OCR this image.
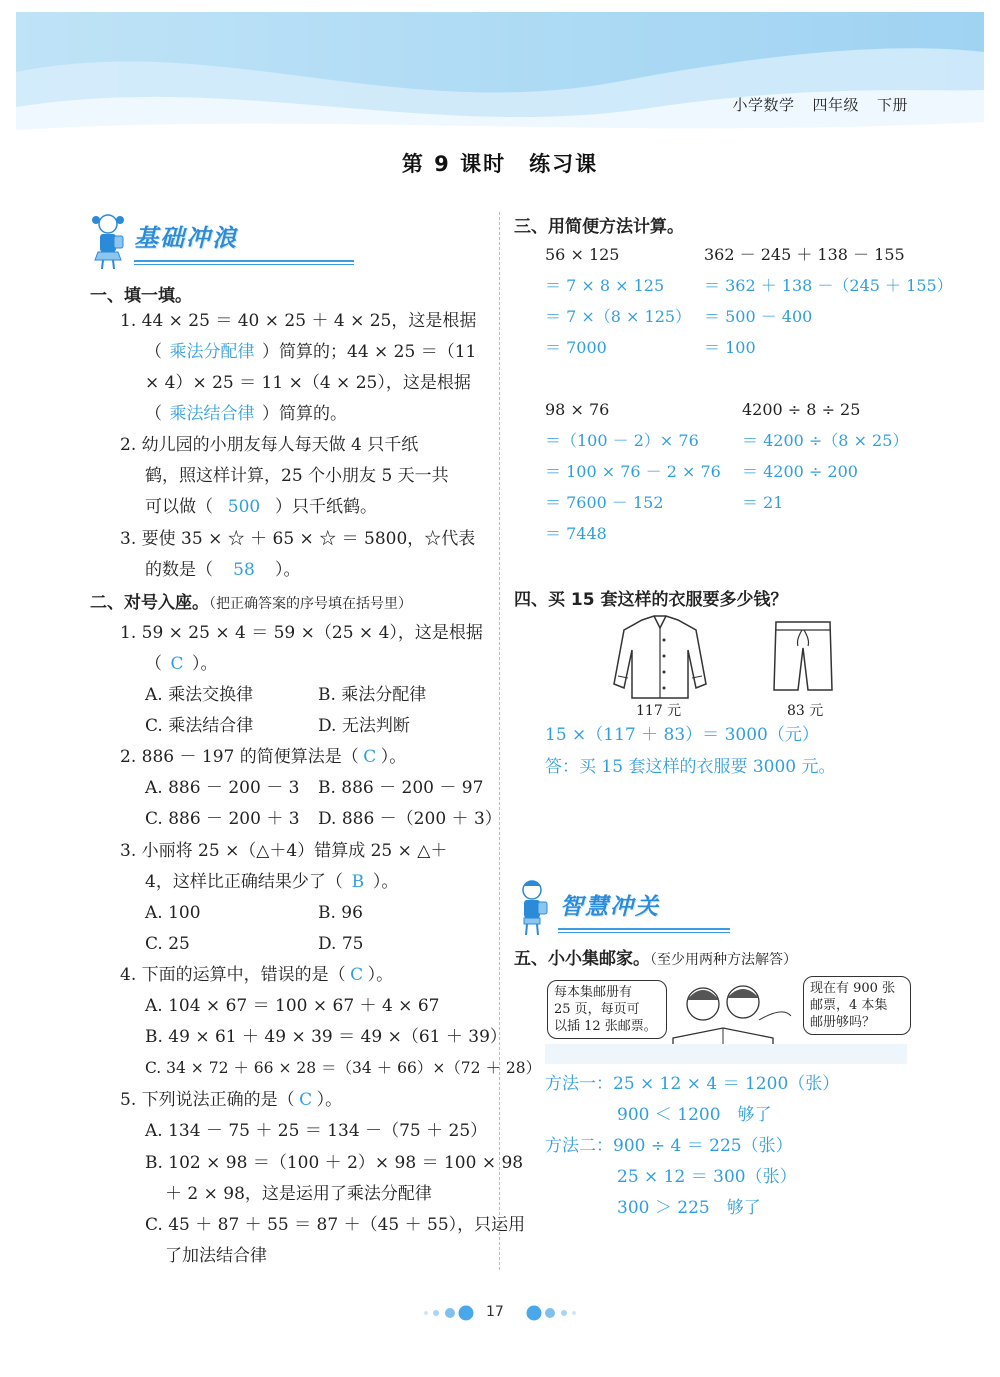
小学数学 四年级 下册
第 9 课时　练习课
基础冲浪
一、填一填。
1. 44 × 25 ＝ 40 × 25 ＋ 4 × 25，这是根据
（ 乘法分配律 ）简算的；44 × 25 ＝（11
× 4）× 25 ＝ 11 ×（4 × 25），这是根据
（ 乘法结合律 ）简算的。
2. 幼儿园的小朋友每人每天做 4 只千纸
鹤，照这样计算，25 个小朋友 5 天一共
可以做（ 500 ）只千纸鹤。
3. 要使 35 × ☆ ＋ 65 × ☆ ＝ 5800，☆代表
的数是（ 58 ）。
二、对号入座。（把正确答案的序号填在括号里）
1. 59 × 25 × 4 ＝ 59 ×（25 × 4），这是根据
（ C ）。
A. 乘法交换律	B. 乘法分配律
C. 乘法结合律	D. 无法判断
2. 886 － 197 的简便算法是（ C ）。
A. 886 － 200 － 3 B. 886 － 200 － 97
C. 886 － 200 ＋ 3 D. 886 －（200 ＋ 3）
3. 小丽将 25 ×（△＋4）错算成 25 × △＋
4，这样比正确结果少了（ B ）。
A. 100	B. 96
C. 25	D. 75
4. 下面的运算中，错误的是（ C ）。
A. 104 × 67 ＝ 100 × 67 ＋ 4 × 67
B. 49 × 61 ＋ 49 × 39 ＝ 49 ×（61 ＋ 39）
C. 34 × 72 ＋ 66 × 28 ＝（34 ＋ 66）×（72 ＋ 28）
5. 下列说法正确的是（ C ）。
A. 134 － 75 ＋ 25 ＝ 134 －（75 ＋ 25）
B. 102 × 98 ＝（100 ＋ 2）× 98 ＝ 100 × 98
＋ 2 × 98，这是运用了乘法分配律
C. 45 ＋ 87 ＋ 55 ＝ 87 ＋（45 ＋ 55），只运用
了加法结合律
三、用简便方法计算。
56 × 125
＝ 7 × 8 × 125
＝ 7 ×（8 × 125）
＝ 7000
362 － 245 ＋ 138 － 155
＝ 362 ＋ 138 －（245 ＋ 155）
＝ 500 － 400
＝ 100
98 × 76
＝（100 － 2）× 76
＝ 100 × 76 － 2 × 76
＝ 7600 － 152
＝ 7448
4200 ÷ 8 ÷ 25
＝ 4200 ÷（8 × 25）
＝ 4200 ÷ 200
＝ 21
四、买 15 套这样的衣服要多少钱？
117 元	83 元
15 ×（117 ＋ 83）＝ 3000（元）
答：买 15 套这样的衣服要 3000 元。
智慧冲关
五、小小集邮家。（至少用两种方法解答）
每本集邮册有
25 页，每页可
以插 12 张邮票。
现在有 900 张
邮票，4 本集
邮册够吗？
方法一：25 × 12 × 4 ＝ 1200（张）
900 ＜ 1200　够了
方法二：900 ÷ 4 ＝ 225（张）
25 × 12 ＝ 300（张）
300 ＞ 225　够了
17
